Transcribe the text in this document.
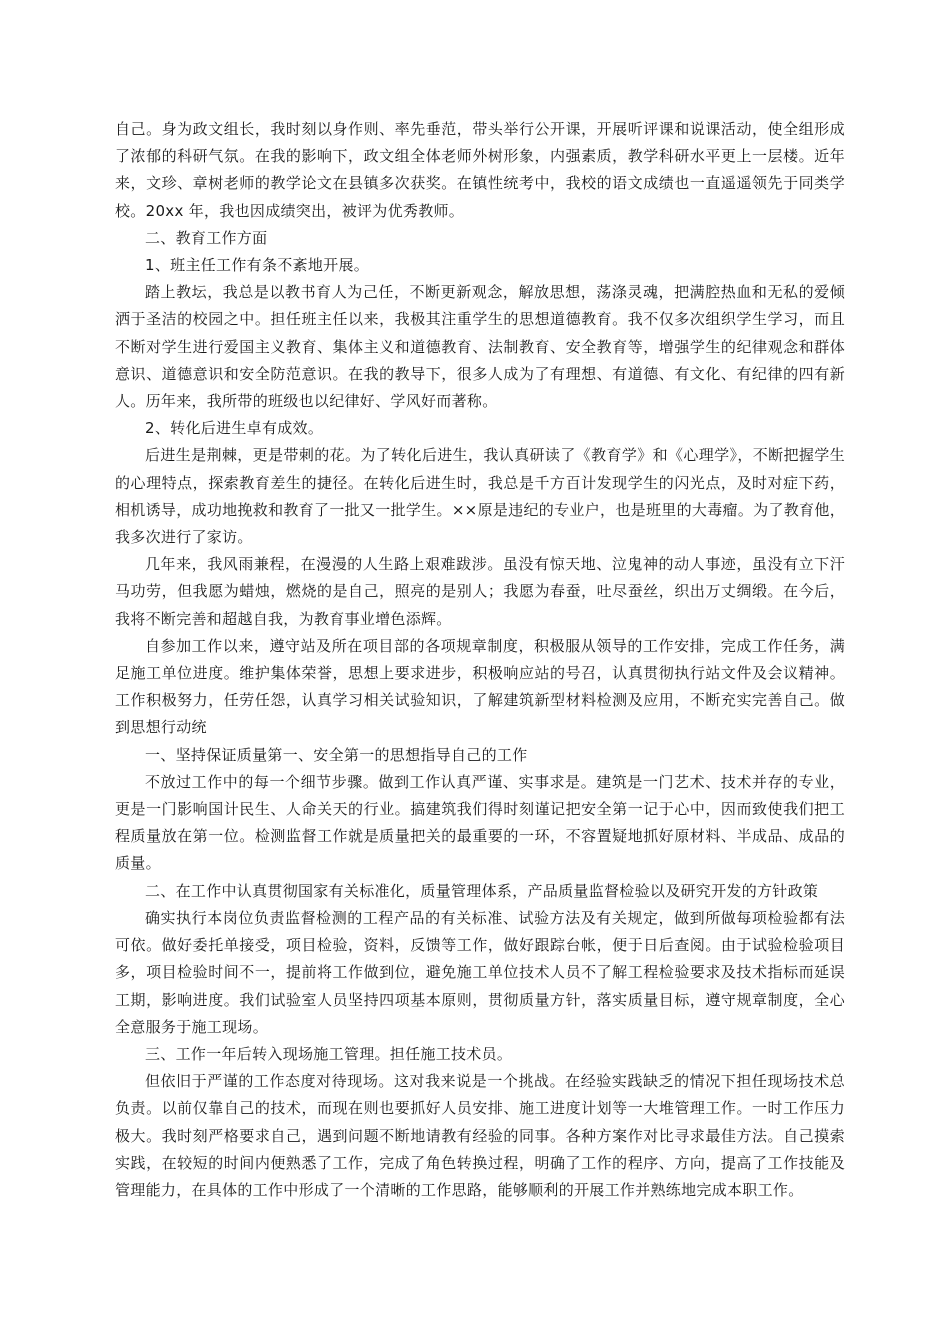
自己。身为政文组长，我时刻以身作则、率先垂范，带头举行公开课，开展听评课和说课活动，使全组形成了浓郁的科研气氛。在我的影响下，政文组全体老师外树形象，内强素质，教学科研水平更上一层楼。近年来，文珍、章树老师的教学论文在县镇多次获奖。在镇性统考中，我校的语文成绩也一直遥遥领先于同类学校。20xx 年，我也因成绩突出，被评为优秀教师。

二、教育工作方面

1、班主任工作有条不紊地开展。

踏上教坛，我总是以教书育人为己任，不断更新观念，解放思想，荡涤灵魂，把满腔热血和无私的爱倾洒于圣洁的校园之中。担任班主任以来，我极其注重学生的思想道德教育。我不仅多次组织学生学习，而且不断对学生进行爱国主义教育、集体主义和道德教育、法制教育、安全教育等，增强学生的纪律观念和群体意识、道德意识和安全防范意识。在我的教导下，很多人成为了有理想、有道德、有文化、有纪律的四有新人。历年来，我所带的班级也以纪律好、学风好而著称。

2、转化后进生卓有成效。

后进生是荆棘，更是带刺的花。为了转化后进生，我认真研读了《教育学》和《心理学》，不断把握学生的心理特点，探索教育差生的捷径。在转化后进生时，我总是千方百计发现学生的闪光点，及时对症下药，相机诱导，成功地挽救和教育了一批又一批学生。××原是违纪的专业户，也是班里的大毒瘤。为了教育他，我多次进行了家访。

几年来，我风雨兼程，在漫漫的人生路上艰难跋涉。虽没有惊天地、泣鬼神的动人事迹，虽没有立下汗马功劳，但我愿为蜡烛，燃烧的是自己，照亮的是别人；我愿为春蚕，吐尽蚕丝，织出万丈绸缎。在今后，我将不断完善和超越自我，为教育事业增色添辉。

自参加工作以来，遵守站及所在项目部的各项规章制度，积极服从领导的工作安排，完成工作任务，满足施工单位进度。维护集体荣誉，思想上要求进步，积极响应站的号召，认真贯彻执行站文件及会议精神。工作积极努力，任劳任怨，认真学习相关试验知识，了解建筑新型材料检测及应用，不断充实完善自己。做到思想行动统

一、坚持保证质量第一、安全第一的思想指导自己的工作

不放过工作中的每一个细节步骤。做到工作认真严谨、实事求是。建筑是一门艺术、技术并存的专业，更是一门影响国计民生、人命关天的行业。搞建筑我们得时刻谨记把安全第一记于心中，因而致使我们把工程质量放在第一位。检测监督工作就是质量把关的最重要的一环，不容置疑地抓好原材料、半成品、成品的质量。

二、在工作中认真贯彻国家有关标准化，质量管理体系，产品质量监督检验以及研究开发的方针政策

确实执行本岗位负责监督检测的工程产品的有关标准、试验方法及有关规定，做到所做每项检验都有法可依。做好委托单接受，项目检验，资料，反馈等工作，做好跟踪台帐，便于日后查阅。由于试验检验项目多，项目检验时间不一，提前将工作做到位，避免施工单位技术人员不了解工程检验要求及技术指标而延误工期，影响进度。我们试验室人员坚持四项基本原则，贯彻质量方针，落实质量目标，遵守规章制度，全心全意服务于施工现场。

三、工作一年后转入现场施工管理。担任施工技术员。

但依旧于严谨的工作态度对待现场。这对我来说是一个挑战。在经验实践缺乏的情况下担任现场技术总负责。以前仅靠自己的技术，而现在则也要抓好人员安排、施工进度计划等一大堆管理工作。一时工作压力极大。我时刻严格要求自己，遇到问题不断地请教有经验的同事。各种方案作对比寻求最佳方法。自己摸索实践，在较短的时间内便熟悉了工作，完成了角色转换过程，明确了工作的程序、方向，提高了工作技能及管理能力，在具体的工作中形成了一个清晰的工作思路，能够顺利的开展工作并熟练地完成本职工作。
